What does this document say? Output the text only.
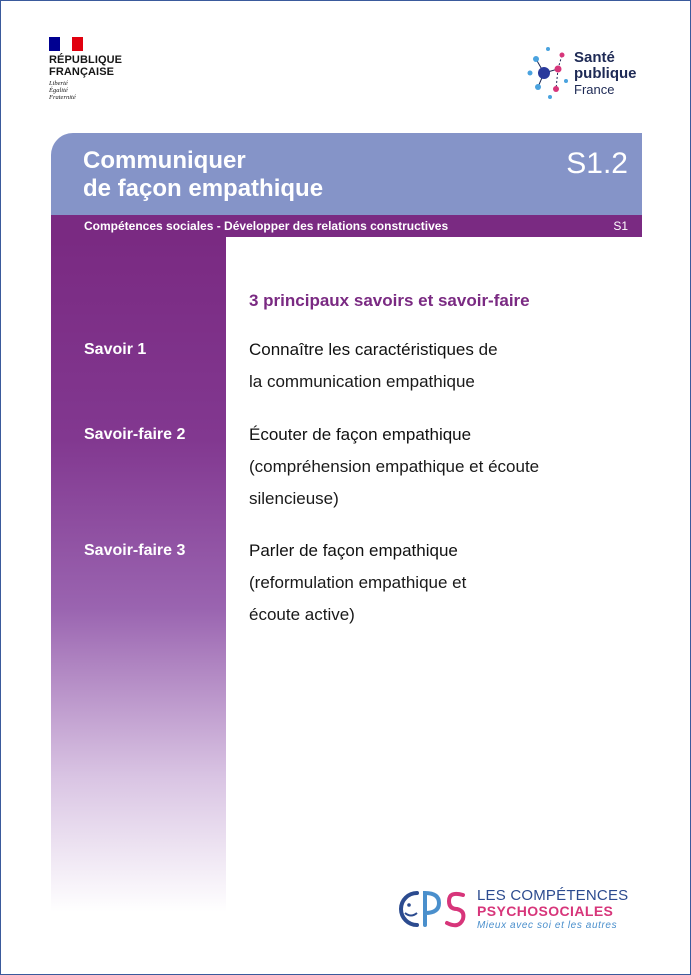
RÉPUBLIQUE
FRANÇAISE
Liberté
Égalité
Fraternité
Santé
publique
France
Communiquer
de façon empathique
S1.2
Compétences sociales - Développer des relations constructives	S1
3 principaux savoirs et savoir-faire
Savoir 1	Connaître les caractéristiques de
la communication empathique
Savoir-faire 2	Écouter de façon empathique
(compréhension empathique et écoute
silencieuse)
Savoir-faire 3	Parler de façon empathique
(reformulation empathique et
écoute active)
LES COMPÉTENCES
PSYCHOSOCIALES
Mieux avec soi et les autres
